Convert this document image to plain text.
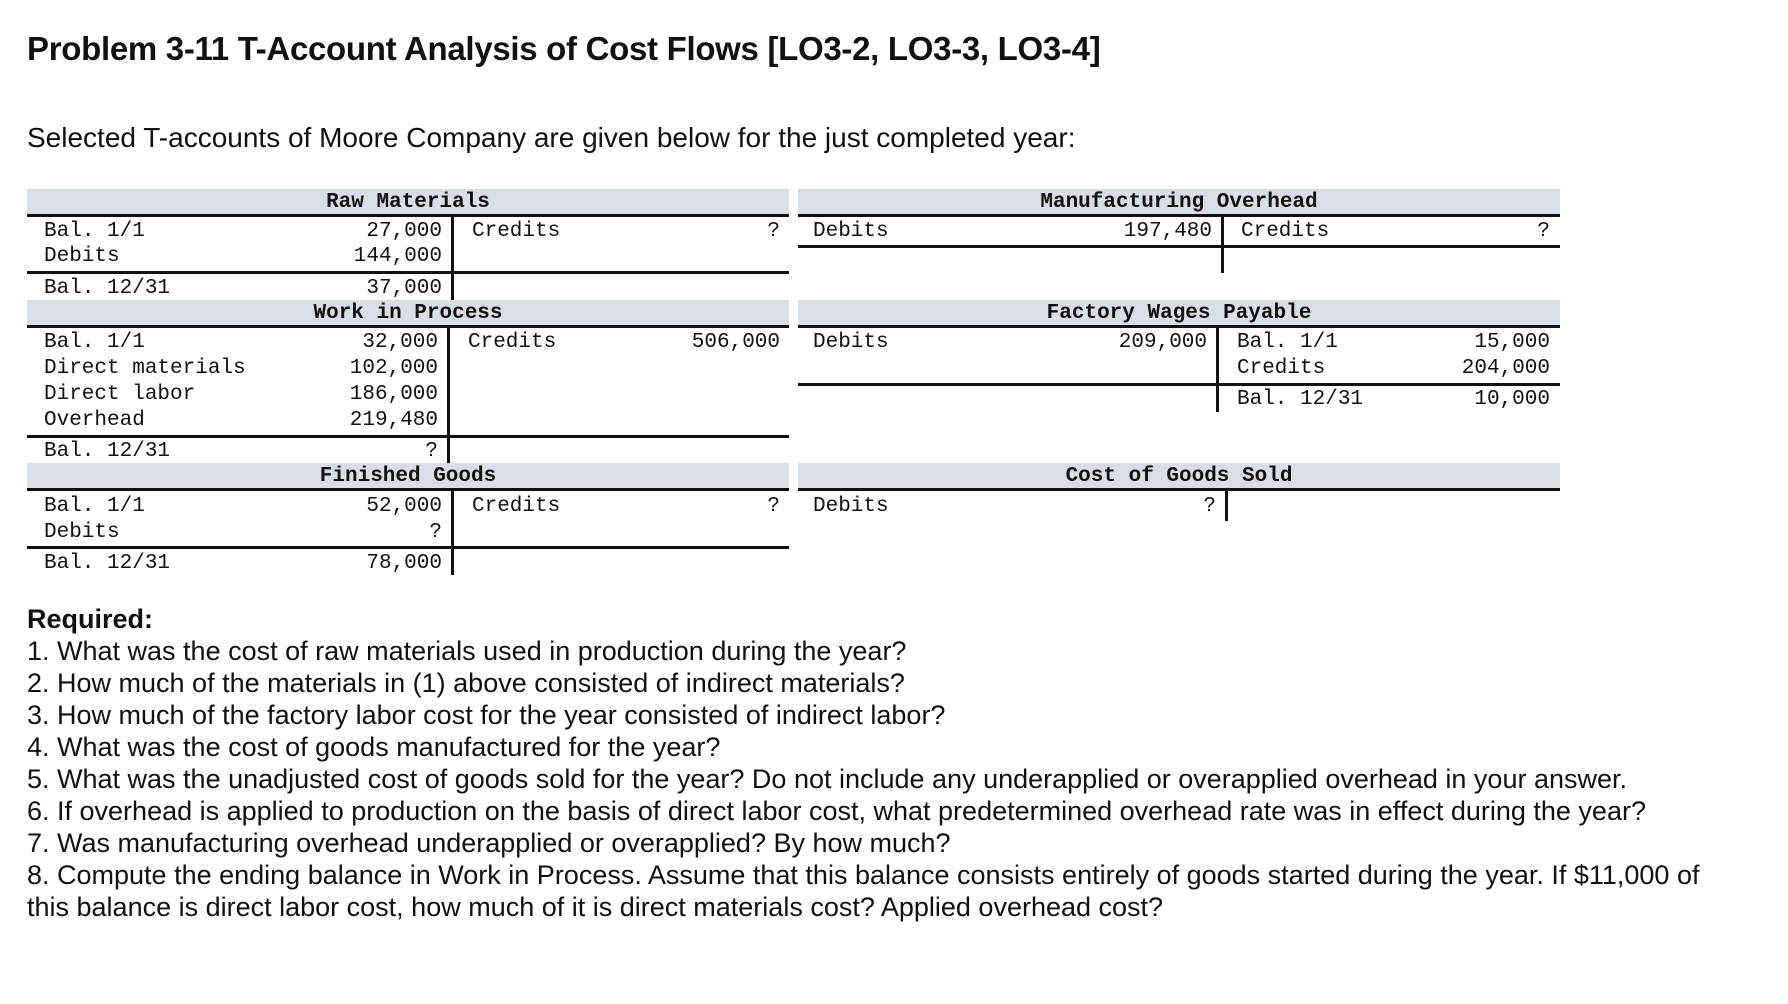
Problem 3-11 T-Account Analysis of Cost Flows [LO3-2, LO3-3, LO3-4]
Selected T-accounts of Moore Company are given below for the just completed year:
Raw Materials
Bal. 1/1	27,000
Debits	144,000
Credits	?
Bal. 12/31	37,000
Manufacturing Overhead
Debits	197,480 Credits	?
Work in Process
Bal. 1/1	32,000
Direct materials	102,000
Direct labor	186,000
Overhead	219,480
Credits	506,000
Bal. 12/31	?
Factory Wages Payable
Debits	209,000 Bal. 1/1	15,000
Credits	204,000
Bal. 12/31	10,000
Finished Goods
Bal. 1/1	52,000
Debits	?
Credits	?
Bal. 12/31	78,000
Cost of Goods Sold
Debits	?
Required:
1. What was the cost of raw materials used in production during the year?
2. How much of the materials in (1) above consisted of indirect materials?
3. How much of the factory labor cost for the year consisted of indirect labor?
4. What was the cost of goods manufactured for the year?
5. What was the unadjusted cost of goods sold for the year? Do not include any underapplied or overapplied overhead in your answer.
6. If overhead is applied to production on the basis of direct labor cost, what predetermined overhead rate was in effect during the year?
7. Was manufacturing overhead underapplied or overapplied? By how much?
8. Compute the ending balance in Work in Process. Assume that this balance consists entirely of goods started during the year. If $11,000 of this balance is direct labor cost, how much of it is direct materials cost? Applied overhead cost?
